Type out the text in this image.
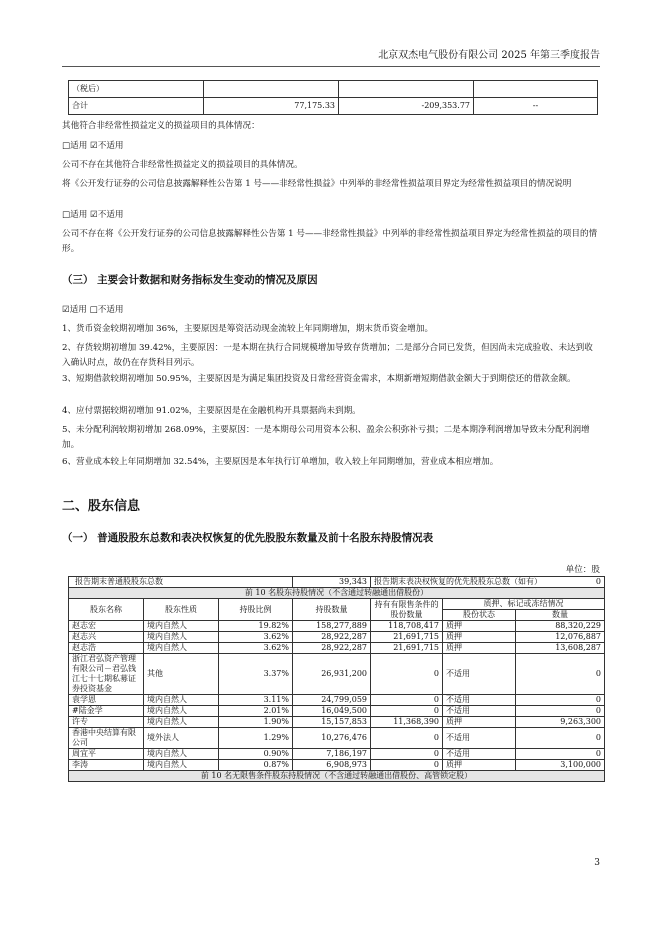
北京双杰电气股份有限公司 2025 年第三季度报告
（税后）			
合计	77,175.33	-209,353.77	--
其他符合非经常性损益定义的损益项目的具体情况：
□适用 ☑不适用
公司不存在其他符合非经常性损益定义的损益项目的具体情况。
将《公开发行证券的公司信息披露解释性公告第 1 号——非经常性损益》中列举的非经常性损益项目界定为经常性损益项目的情况说明
□适用 ☑不适用
公司不存在将《公开发行证券的公司信息披露解释性公告第 1 号——非经常性损益》中列举的非经常性损益项目界定为经常性损益的项目的情形。
（三） 主要会计数据和财务指标发生变动的情况及原因
☑适用 □不适用
1、货币资金较期初增加 36%，主要原因是筹资活动现金流较上年同期增加，期末货币资金增加。
2、存货较期初增加 39.42%，主要原因：一是本期在执行合同规模增加导致存货增加；二是部分合同已发货，但因尚未完成验收、未达到收入确认时点，故仍在存货科目列示。
3、短期借款较期初增加 50.95%，主要原因是为满足集团投资及日常经营资金需求，本期新增短期借款金额大于到期偿还的借款金额。
4、应付票据较期初增加 91.02%，主要原因是在金融机构开具票据尚未到期。
5、未分配利润较期初增加 268.09%，主要原因：一是本期母公司用资本公积、盈余公积弥补亏损；二是本期净利润增加导致未分配利润增加。
6、营业成本较上年同期增加 32.54%，主要原因是本年执行订单增加，收入较上年同期增加，营业成本相应增加。
二、股东信息
（一） 普通股股东总数和表决权恢复的优先股股东数量及前十名股东持股情况表
单位：股
报告期末普通股股东总数			39,343	报告期末表决权恢复的优先股股东总数（如有） 0		

前 10 名股东持股情况（不含通过转融通出借股份）						
股东名称	股东性质	持股比例	持股数量	持有有限售条件的股份数量	质押、标记或冻结情况	
					股份状态	数量
赵志宏	境内自然人	19.82%	158,277,889	118,708,417	质押	88,320,229
赵志兴	境内自然人	3.62%	28,922,287	21,691,715	质押	12,076,887
赵志浩	境内自然人	3.62%	28,922,287	21,691,715	质押	13,608,287
浙江君弘资产管理有限公司－君弘钱江七十七期私募证券投资基金	其他	3.37%	26,931,200	0	不适用	0
袁学恩	境内自然人	3.11%	24,799,059	0	不适用	0
#陆金学	境内自然人	2.01%	16,049,500	0	不适用	0
许专	境内自然人	1.90%	15,157,853	11,368,390	质押	9,263,300
香港中央结算有限公司	境外法人	1.29%	10,276,476	0	不适用	0
周宜平	境内自然人	0.90%	7,186,197	0	不适用	0
李涛	境内自然人	0.87%	6,908,973	0	质押	3,100,000
前 10 名无限售条件股东持股情况（不含通过转融通出借股份、高管锁定股）						
3
